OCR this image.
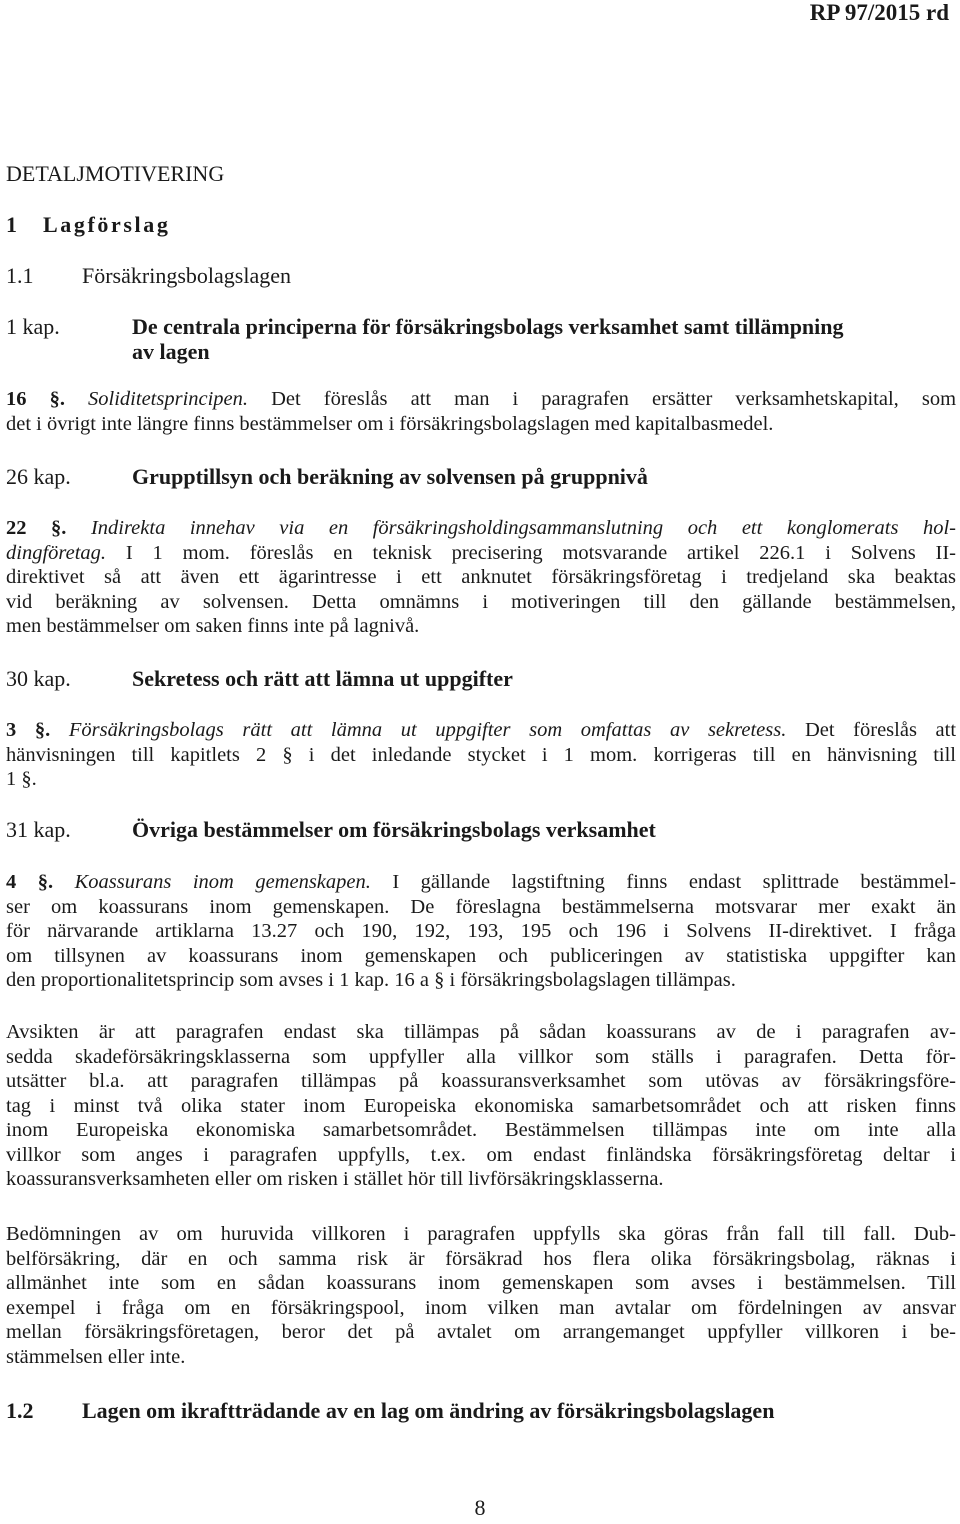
RP 97/2015 rd
DETALJMOTIVERING
1 Lagförslag
1.1 Försäkringsbolagslagen
1 kap.	De centrala principerna för försäkringsbolags verksamhet samt tillämpning
av lagen
16 §. Soliditetsprincipen. Det föreslås att man i paragrafen ersätter verksamhetskapital, som
det i övrigt inte längre finns bestämmelser om i försäkringsbolagslagen med kapitalbasmedel.
26 kap.	Grupptillsyn och beräkning av solvensen på gruppnivå
22 §. Indirekta innehav via en försäkringsholdingsammanslutning och ett konglomerats hol-
dingföretag. I 1 mom. föreslås en teknisk precisering motsvarande artikel 226.1 i Solvens II-
direktivet så att även ett ägarintresse i ett anknutet försäkringsföretag i tredjeland ska beaktas
vid beräkning av solvensen. Detta omnämns i motiveringen till den gällande bestämmelsen,
men bestämmelser om saken finns inte på lagnivå.
30 kap.	Sekretess och rätt att lämna ut uppgifter
3 §. Försäkringsbolags rätt att lämna ut uppgifter som omfattas av sekretess. Det föreslås att
hänvisningen till kapitlets 2 § i det inledande stycket i 1 mom. korrigeras till en hänvisning till
1 §.
31 kap.	Övriga bestämmelser om försäkringsbolags verksamhet
4 §. Koassurans inom gemenskapen. I gällande lagstiftning finns endast splittrade bestämmel-
ser om koassurans inom gemenskapen. De föreslagna bestämmelserna motsvarar mer exakt än
för närvarande artiklarna 13.27 och 190, 192, 193, 195 och 196 i Solvens II-direktivet. I fråga
om tillsynen av koassurans inom gemenskapen och publiceringen av statistiska uppgifter kan
den proportionalitetsprincip som avses i 1 kap. 16 a § i försäkringsbolagslagen tillämpas.
Avsikten är att paragrafen endast ska tillämpas på sådan koassurans av de i paragrafen av-
sedda skadeförsäkringsklasserna som uppfyller alla villkor som ställs i paragrafen. Detta för-
utsätter bl.a. att paragrafen tillämpas på koassuransverksamhet som utövas av försäkringsföre-
tag i minst två olika stater inom Europeiska ekonomiska samarbetsområdet och att risken finns
inom Europeiska ekonomiska samarbetsområdet. Bestämmelsen tillämpas inte om inte alla
villkor som anges i paragrafen uppfylls, t.ex. om endast finländska försäkringsföretag deltar i
koassuransverksamheten eller om risken i stället hör till livförsäkringsklasserna.
Bedömningen av om huruvida villkoren i paragrafen uppfylls ska göras från fall till fall. Dub-
belförsäkring, där en och samma risk är försäkrad hos flera olika försäkringsbolag, räknas i
allmänhet inte som en sådan koassurans inom gemenskapen som avses i bestämmelsen. Till
exempel i fråga om en försäkringspool, inom vilken man avtalar om fördelningen av ansvar
mellan försäkringsföretagen, beror det på avtalet om arrangemanget uppfyller villkoren i be-
stämmelsen eller inte.
1.2 Lagen om ikraftträdande av en lag om ändring av försäkringsbolagslagen
8
